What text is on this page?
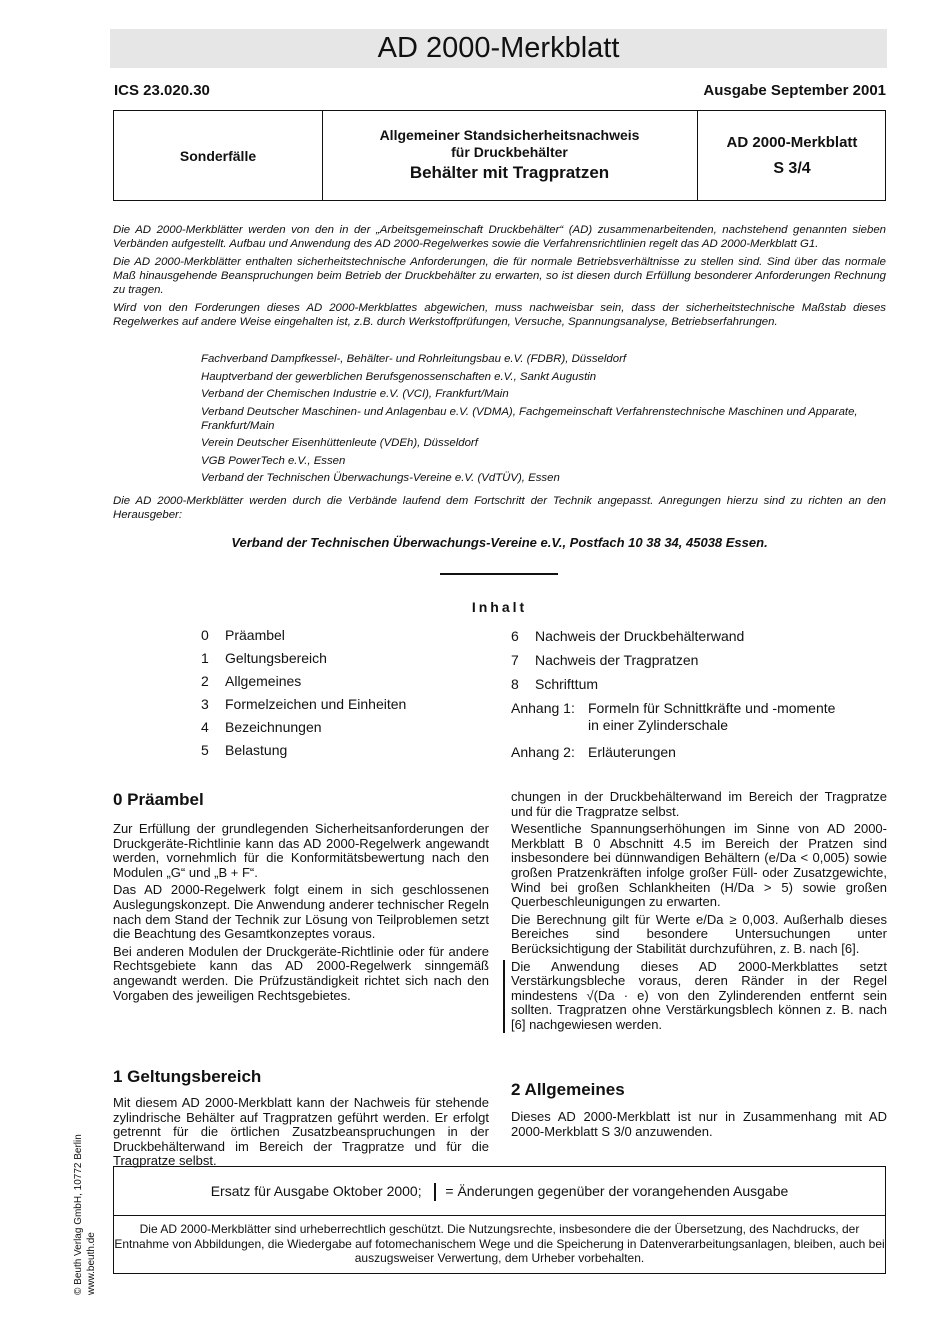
AD 2000-Merkblatt
ICS 23.020.30	Ausgabe September 2001
Sonderfälle
Allgemeiner Standsicherheitsnachweis
für Druckbehälter
Behälter mit Tragpratzen
AD 2000-Merkblatt
S 3/4

Die AD 2000-Merkblätter werden von den in der „Arbeitsgemeinschaft Druckbehälter“ (AD) zusammenarbeitenden, nachstehend genannten sieben Verbänden aufgestellt. Aufbau und Anwendung des AD 2000-Regelwerkes sowie die Verfahrensrichtlinien regelt das AD 2000-Merkblatt G1.

Die AD 2000-Merkblätter enthalten sicherheitstechnische Anforderungen, die für normale Betriebsverhältnisse zu stellen sind. Sind über das normale Maß hinausgehende Beanspruchungen beim Betrieb der Druckbehälter zu erwarten, so ist diesen durch Erfüllung besonderer Anforderungen Rechnung zu tragen.

Wird von den Forderungen dieses AD 2000-Merkblattes abgewichen, muss nachweisbar sein, dass der sicherheitstechnische Maßstab dieses Regelwerkes auf andere Weise eingehalten ist, z.B. durch Werkstoffprüfungen, Versuche, Spannungsanalyse, Betriebserfahrungen.

Fachverband Dampfkessel-, Behälter- und Rohrleitungsbau e.V. (FDBR), Düsseldorf
Hauptverband der gewerblichen Berufsgenossenschaften e.V., Sankt Augustin
Verband der Chemischen Industrie e.V. (VCI), Frankfurt/Main
Verband Deutscher Maschinen- und Anlagenbau e.V. (VDMA), Fachgemeinschaft Verfahrenstechnische Maschinen und Apparate, Frankfurt/Main
Verein Deutscher Eisenhüttenleute (VDEh), Düsseldorf
VGB PowerTech e.V., Essen
Verband der Technischen Überwachungs-Vereine e.V. (VdTÜV), Essen
Die AD 2000-Merkblätter werden durch die Verbände laufend dem Fortschritt der Technik angepasst. Anregungen hierzu sind zu richten an den Herausgeber:
Verband der Technischen Überwachungs-Vereine e.V., Postfach 10 38 34, 45038 Essen.
Inhalt
0 Präambel
1 Geltungsbereich
2 Allgemeines
3 Formelzeichen und Einheiten
4 Bezeichnungen
5 Belastung
6 Nachweis der Druckbehälterwand
7 Nachweis der Tragpratzen
8 Schrifttum
Anhang 1: Formeln für Schnittkräfte und -momente
in einer Zylinderschale
Anhang 2: Erläuterungen
0 Präambel

Zur Erfüllung der grundlegenden Sicherheitsanforderungen der Druckgeräte-Richtlinie kann das AD 2000-Regelwerk angewandt werden, vornehmlich für die Konformitätsbewertung nach den Modulen „G“ und „B + F“.

Das AD 2000-Regelwerk folgt einem in sich geschlossenen Auslegungskonzept. Die Anwendung anderer technischer Regeln nach dem Stand der Technik zur Lösung von Teilproblemen setzt die Beachtung des Gesamtkonzeptes voraus.

Bei anderen Modulen der Druckgeräte-Richtlinie oder für andere Rechtsgebiete kann das AD 2000-Regelwerk sinngemäß angewandt werden. Die Prüfzuständigkeit richtet sich nach den Vorgaben des jeweiligen Rechtsgebietes.

1 Geltungsbereich

Mit diesem AD 2000-Merkblatt kann der Nachweis für stehende zylindrische Behälter auf Tragpratzen geführt werden. Er erfolgt getrennt für die örtlichen Zusatzbeanspruchungen in der Druckbehälterwand im Bereich der Tragpratze und für die Tragpratze selbst.

chungen in der Druckbehälterwand im Bereich der Tragpratze und für die Tragpratze selbst.

Wesentliche Spannungserhöhungen im Sinne von AD 2000-Merkblatt B 0 Abschnitt 4.5 im Bereich der Pratzen sind insbesondere bei dünnwandigen Behältern (e/Da < 0,005) sowie großen Pratzenkräften infolge großer Füll- oder Zusatzgewichte, Wind bei großen Schlankheiten (H/Da > 5) sowie großen Querbeschleunigungen zu erwarten.

Die Berechnung gilt für Werte e/Da ≥ 0,003. Außerhalb dieses Bereiches sind besondere Untersuchungen unter Berücksichtigung der Stabilität durchzuführen, z. B. nach [6].

Die Anwendung dieses AD 2000-Merkblattes setzt Verstärkungsbleche voraus, deren Ränder in der Regel mindestens √(Da · e) von den Zylinderenden entfernt sein sollten. Tragpratzen ohne Verstärkungsblech können z. B. nach [6] nachgewiesen werden.

2 Allgemeines

Dieses AD 2000-Merkblatt ist nur in Zusammenhang mit AD 2000-Merkblatt S 3/0 anzuwenden.

Ersatz für Ausgabe Oktober 2000; = Änderungen gegenüber der vorangehenden Ausgabe
Die AD 2000-Merkblätter sind urheberrechtlich geschützt. Die Nutzungsrechte, insbesondere die der Übersetzung, des Nachdrucks, der Entnahme von Abbildungen, die Wiedergabe auf fotomechanischem Wege und die Speicherung in Datenverarbeitungsanlagen, bleiben, auch bei auszugsweiser Verwertung, dem Urheber vorbehalten.
© Beuth Verlag GmbH, 10772 Berlin www.beuth.de
